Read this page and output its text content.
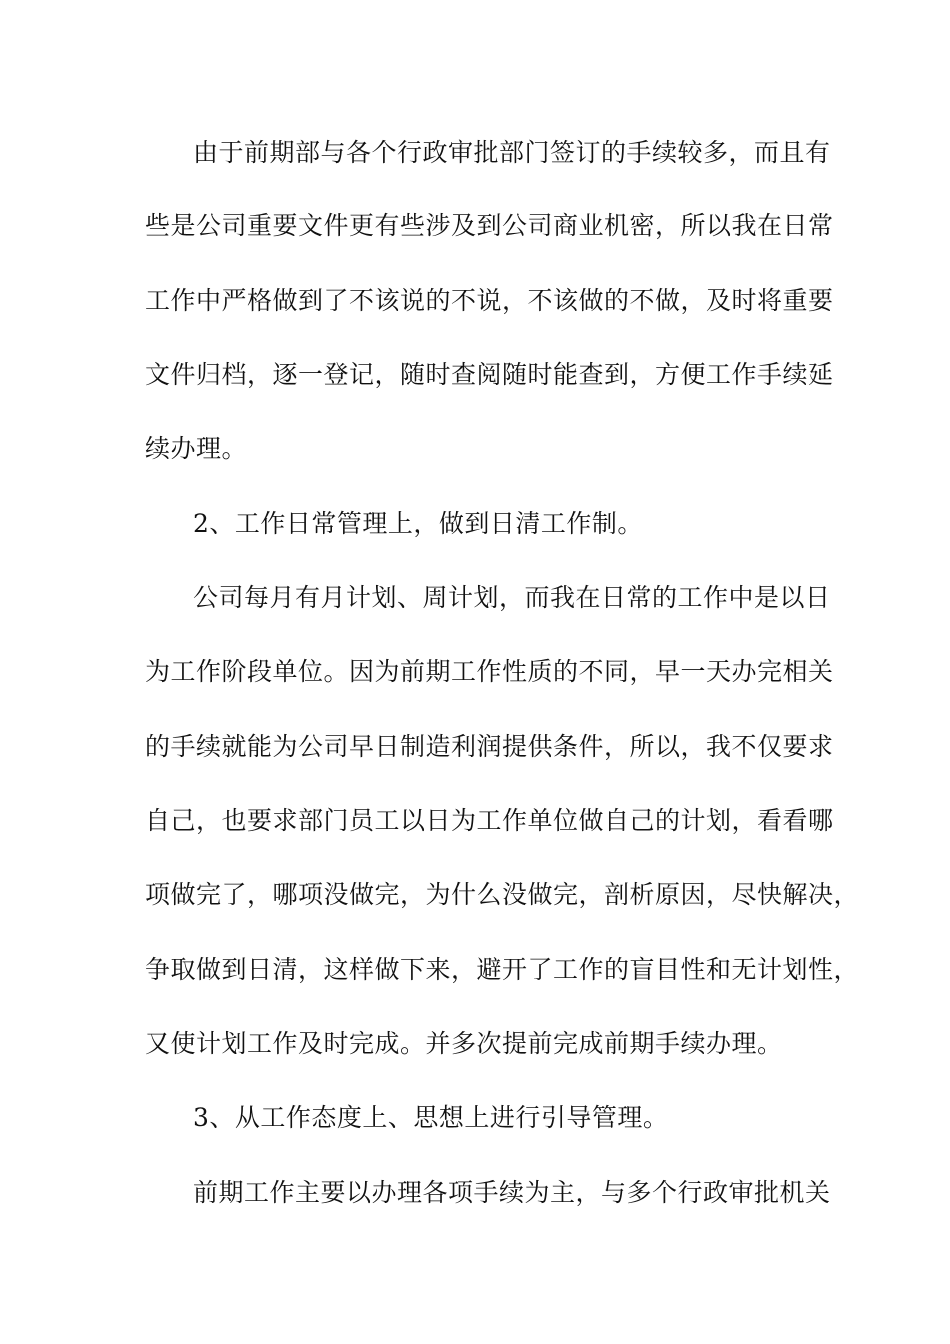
由于前期部与各个行政审批部门签订的手续较多，而且有
些是公司重要文件更有些涉及到公司商业机密，所以我在日常
工作中严格做到了不该说的不说，不该做的不做，及时将重要
文件归档，逐一登记，随时查阅随时能查到，方便工作手续延
续办理。
2、工作日常管理上，做到日清工作制。
公司每月有月计划、周计划，而我在日常的工作中是以日
为工作阶段单位。因为前期工作性质的不同，早一天办完相关
的手续就能为公司早日制造利润提供条件，所以，我不仅要求
自己，也要求部门员工以日为工作单位做自己的计划，看看哪
项做完了，哪项没做完，为什么没做完，剖析原因，尽快解决，
争取做到日清，这样做下来，避开了工作的盲目性和无计划性，
又使计划工作及时完成。并多次提前完成前期手续办理。
3、从工作态度上、思想上进行引导管理。
前期工作主要以办理各项手续为主，与多个行政审批机关
